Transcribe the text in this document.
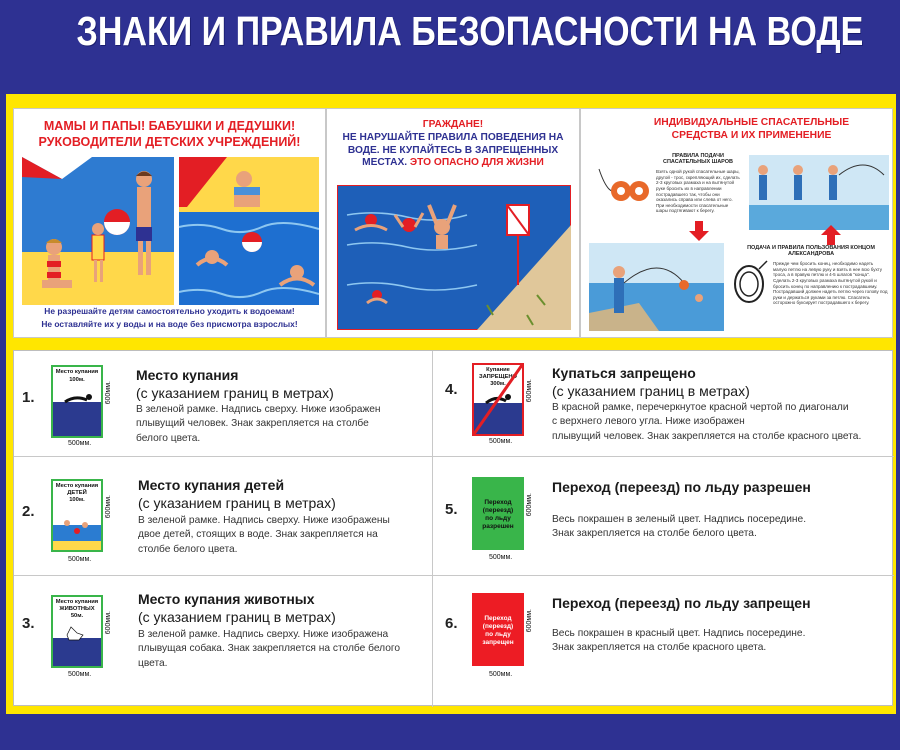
ЗНАКИ И ПРАВИЛА БЕЗОПАСНОСТИ НА ВОДЕ
МАМЫ И ПАПЫ! БАБУШКИ И ДЕДУШКИ!
РУКОВОДИТЕЛИ ДЕТСКИХ УЧРЕЖДЕНИЙ!
Не разрешайте детям самостоятельно уходить к водоемам!
Не оставляйте их у воды и на воде без присмотра взрослых!
ГРАЖДАНЕ!
НЕ НАРУШАЙТЕ ПРАВИЛА ПОВЕДЕНИЯ НА
ВОДЕ. НЕ КУПАЙТЕСЬ В ЗАПРЕЩЕННЫХ
МЕСТАХ. ЭТО ОПАСНО ДЛЯ ЖИЗНИ
ИНДИВИДУАЛЬНЫЕ СПАСАТЕЛЬНЫЕ
СРЕДСТВА И ИХ ПРИМЕНЕНИЕ
ПРАВИЛА ПОДАЧИ
СПАСАТЕЛЬНЫХ ШАРОВ
Взять одной рукой спасательные шары, другой - трос, скрепляющий их, сделать 2-3 круговых размаха и на вытянутой руке бросить их в направлении пострадавшего так, чтобы они оказались справа или слева от него. При необходимости спасательные шары подтягивают к берегу.
ПОДАЧА И ПРАВИЛА ПОЛЬЗОВАНИЯ КОНЦОМ
АЛЕКСАНДРОВА
Прежде чем бросить конец, необходимо надеть малую петлю на левую руку и взять в нее всю бухту троса, а в правую петлю и 4-5 шлагов "конца". Сделать 2-3 круговых размаха вытянутой рукой и бросить конец по направлению к пострадавшему. Пострадавший должен надеть петлю через голову под руки и держаться руками за петлю. Спасатель осторожно буксирует пострадавшего к берегу.
1.
Место купания
100м.
600мм.
500мм.
Место купания
(с указанием границ в метрах)
В зеленой рамке. Надпись сверху. Ниже изображен
плывущий человек. Знак закрепляется на столбе
белого цвета.
2.
Место купания
ДЕТЕЙ
100м.	600мм.
500мм.
Место купания детей
(с указанием границ в метрах)
В зеленой рамке. Надпись сверху. Ниже изображены
двое детей, стоящих в воде. Знак закрепляется на
столбе белого цвета.
3.
Место купания
ЖИВОТНЫХ
50м.	600мм.
500мм.
Место купания животных
(с указанием границ в метрах)
В зеленой рамке. Надпись сверху. Ниже изображена
плывущая собака. Знак закрепляется на столбе белого
цвета.
4.
Купание
ЗАПРЕЩЕНО
300м.	600мм.
500мм.
Купаться запрещено
(с указанием границ в метрах)
В красной рамке, перечеркнутое красной чертой по диагонали
с верхнего левого угла. Ниже изображен
плывущий человек. Знак закрепляется на столбе красного цвета.
5.	Переход
(переезд)
по льду
разрешен
600мм.
500мм.
Переход (переезд) по льду разрешен
Весь покрашен в зеленый цвет. Надпись посередине.
Знак закрепляется на столбе белого цвета.
6.	Переход
(переезд)
по льду
запрещен
600мм.
500мм.
Переход (переезд) по льду запрещен
Весь покрашен в красный цвет. Надпись посередине.
Знак закрепляется на столбе красного цвета.
